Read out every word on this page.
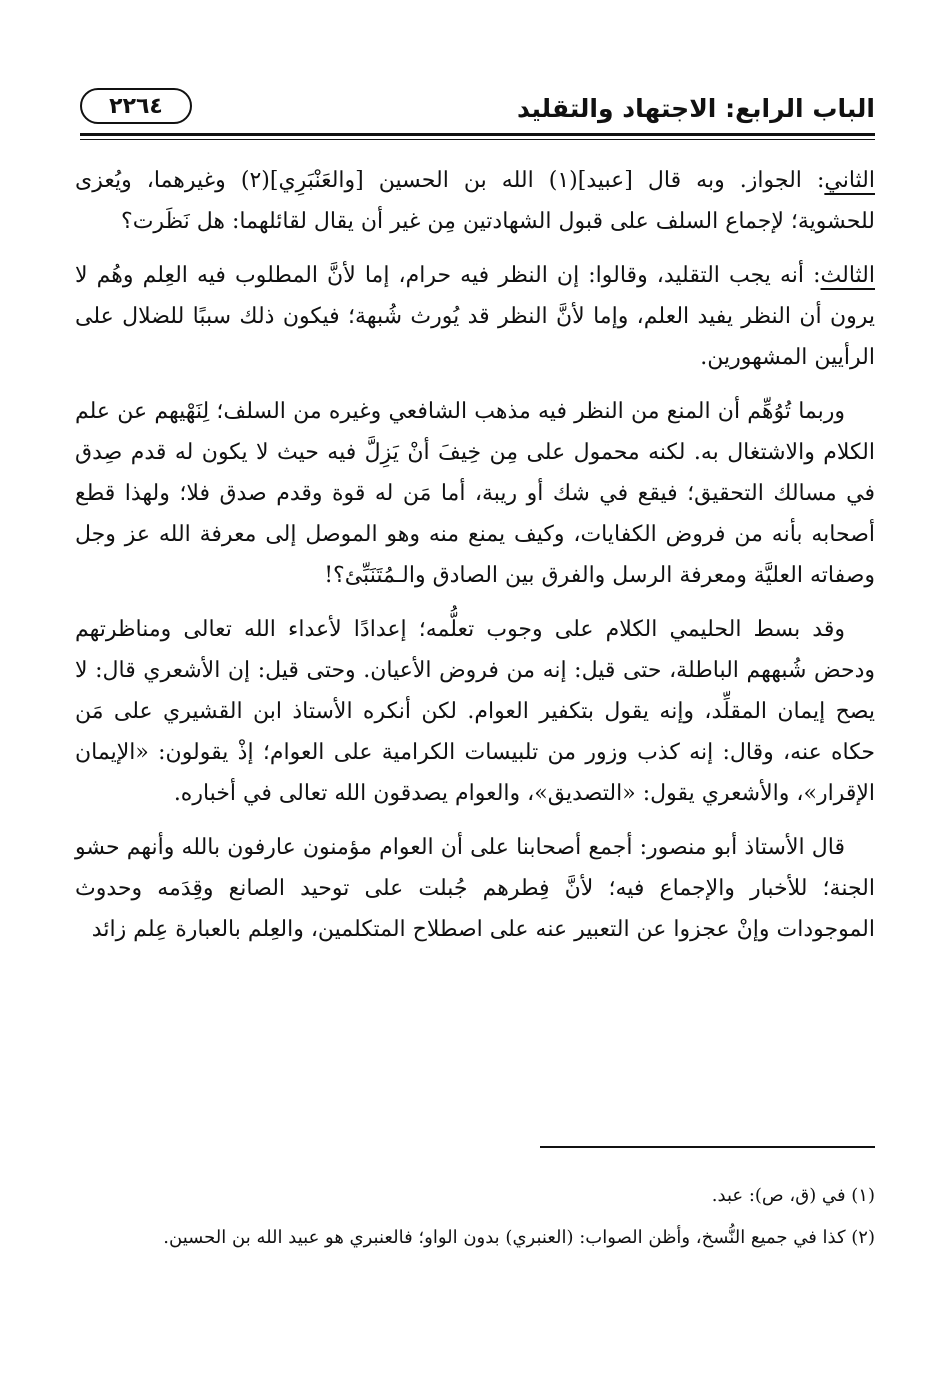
الباب الرابع: الاجتهاد والتقليد
٢٢٦٤

الثاني: الجواز. وبه قال [عبيد](١) الله بن الحسين [والعَنْبَرِي](٢) وغيرهما، ويُعزى للحشوية؛ لإجماع السلف على قبول الشهادتين مِن غير أن يقال لقائلهما: هل نَظَرت؟

الثالث: أنه يجب التقليد، وقالوا: إن النظر فيه حرام، إما لأنَّ المطلوب فيه العِلم وهُم لا يرون أن النظر يفيد العلم، وإما لأنَّ النظر قد يُورث شُبهة؛ فيكون ذلك سببًا للضلال على الرأيين المشهورين.

وربما تُوُهِّم أن المنع من النظر فيه مذهب الشافعي وغيره من السلف؛ لِنَهْيهم عن علم الكلام والاشتغال به. لكنه محمول على مِن خِيفَ أنْ يَزِلَّ فيه حيث لا يكون له قدم صِدق في مسالك التحقيق؛ فيقع في شك أو ريبة، أما مَن له قوة وقدم صدق فلا؛ ولهذا قطع أصحابه بأنه من فروض الكفايات، وكيف يمنع منه وهو الموصل إلى معرفة الله عز وجل وصفاته العليَّة ومعرفة الرسل والفرق بين الصادق والـمُتَنَبِّئ؟!

وقد بسط الحليمي الكلام على وجوب تعلُّمه؛ إعدادًا لأعداء الله تعالى ومناظرتهم ودحض شُبههم الباطلة، حتى قيل: إنه من فروض الأعيان. وحتى قيل: إن الأشعري قال: لا يصح إيمان المقلِّد، وإنه يقول بتكفير العوام. لكن أنكره الأستاذ ابن القشيري على مَن حكاه عنه، وقال: إنه كذب وزور من تلبيسات الكرامية على العوام؛ إذْ يقولون: «الإيمان الإقرار»، والأشعري يقول: «التصديق»، والعوام يصدقون الله تعالى في أخباره.

قال الأستاذ أبو منصور: أجمع أصحابنا على أن العوام مؤمنون عارفون بالله وأنهم حشو الجنة؛ للأخبار والإجماع فيه؛ لأنَّ فِطرهم جُبلت على توحيد الصانع وقِدَمه وحدوث الموجودات وإنْ عجزوا عن التعبير عنه على اصطلاح المتكلمين، والعِلم بالعبارة عِلم زائد

(١) في (ق، ص): عبد.

(٢) كذا في جميع النُّسخ، وأظن الصواب: (العنبري) بدون الواو؛ فالعنبري هو عبيد الله بن الحسين.
